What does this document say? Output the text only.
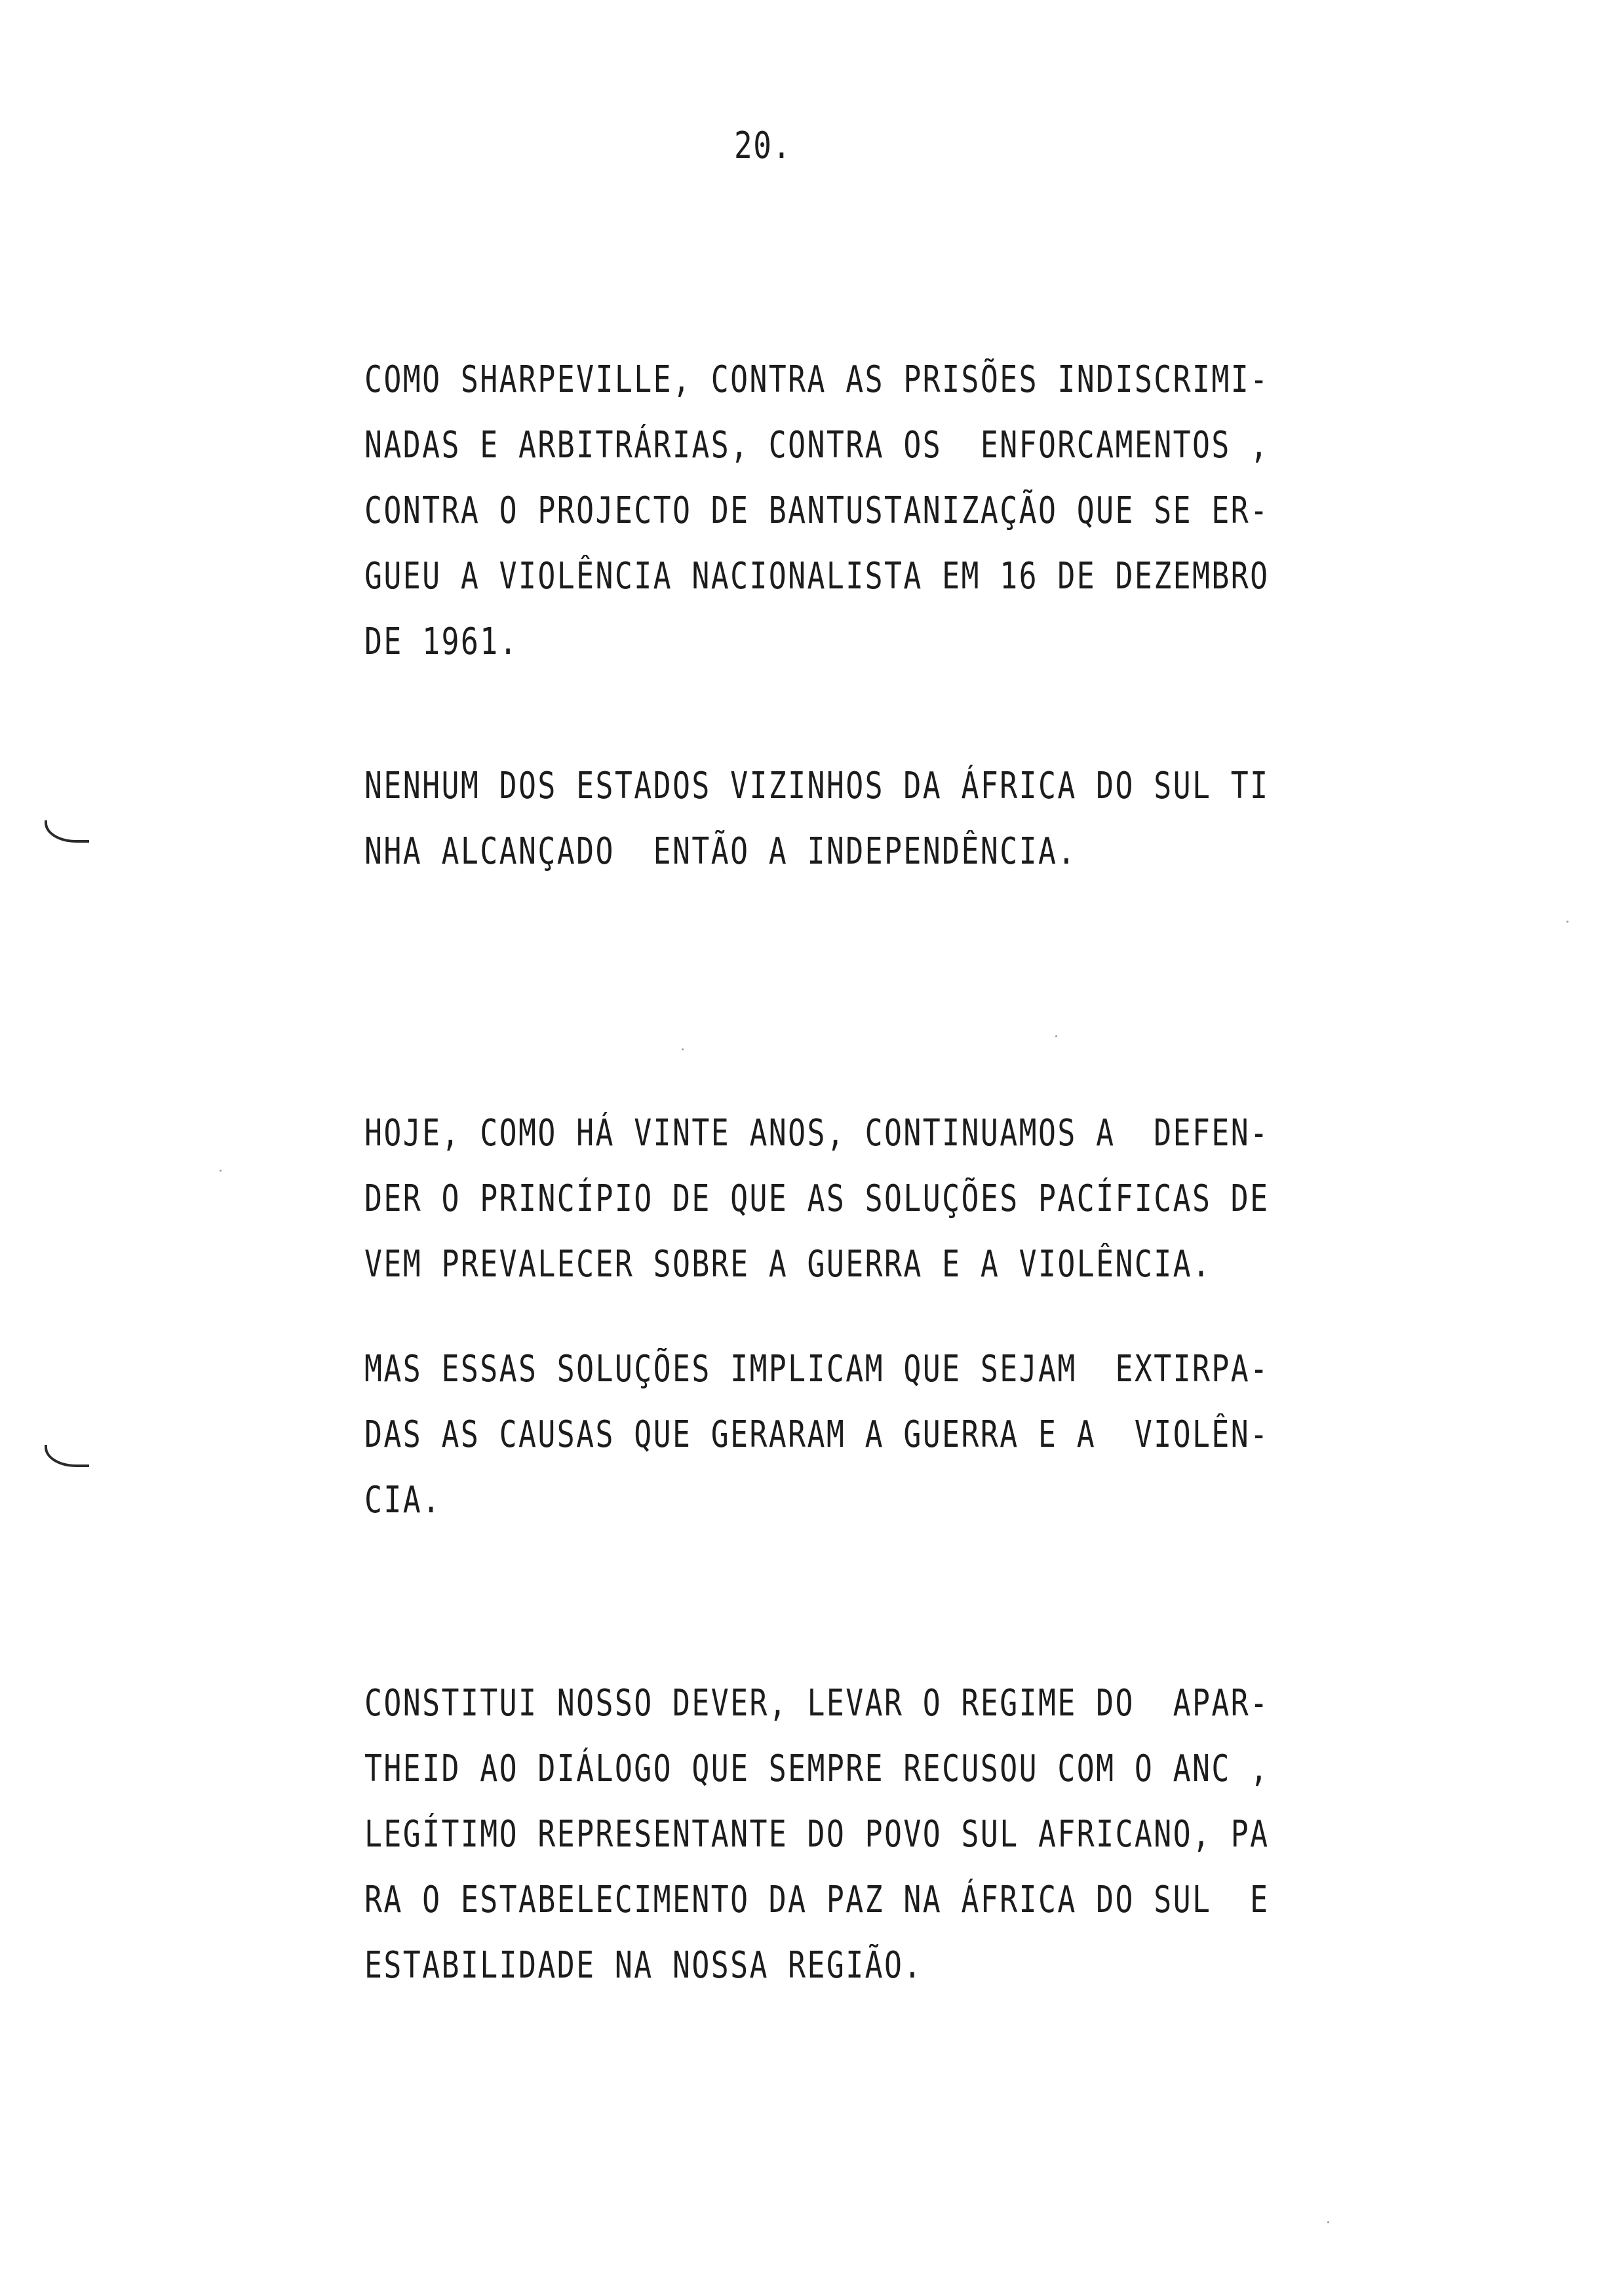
20.
COMO SHARPEVILLE, CONTRA AS PRISÕES INDISCRIMI-
NADAS E ARBITRÁRIAS, CONTRA OS  ENFORCAMENTOS ,
CONTRA O PROJECTO DE BANTUSTANIZAÇÃO QUE SE ER-
GUEU A VIOLÊNCIA NACIONALISTA EM 16 DE DEZEMBRO
DE 1961.
NENHUM DOS ESTADOS VIZINHOS DA ÁFRICA DO SUL TI
NHA ALCANÇADO  ENTÃO A INDEPENDÊNCIA.
HOJE, COMO HÁ VINTE ANOS, CONTINUAMOS A  DEFEN-
DER O PRINCÍPIO DE QUE AS SOLUÇÕES PACÍFICAS DE
VEM PREVALECER SOBRE A GUERRA E A VIOLÊNCIA.
MAS ESSAS SOLUÇÕES IMPLICAM QUE SEJAM  EXTIRPA-
DAS AS CAUSAS QUE GERARAM A GUERRA E A  VIOLÊN-
CIA.
CONSTITUI NOSSO DEVER, LEVAR O REGIME DO  APAR-
THEID AO DIÁLOGO QUE SEMPRE RECUSOU COM O ANC ,
LEGÍTIMO REPRESENTANTE DO POVO SUL AFRICANO, PA
RA O ESTABELECIMENTO DA PAZ NA ÁFRICA DO SUL  E
ESTABILIDADE NA NOSSA REGIÃO.
